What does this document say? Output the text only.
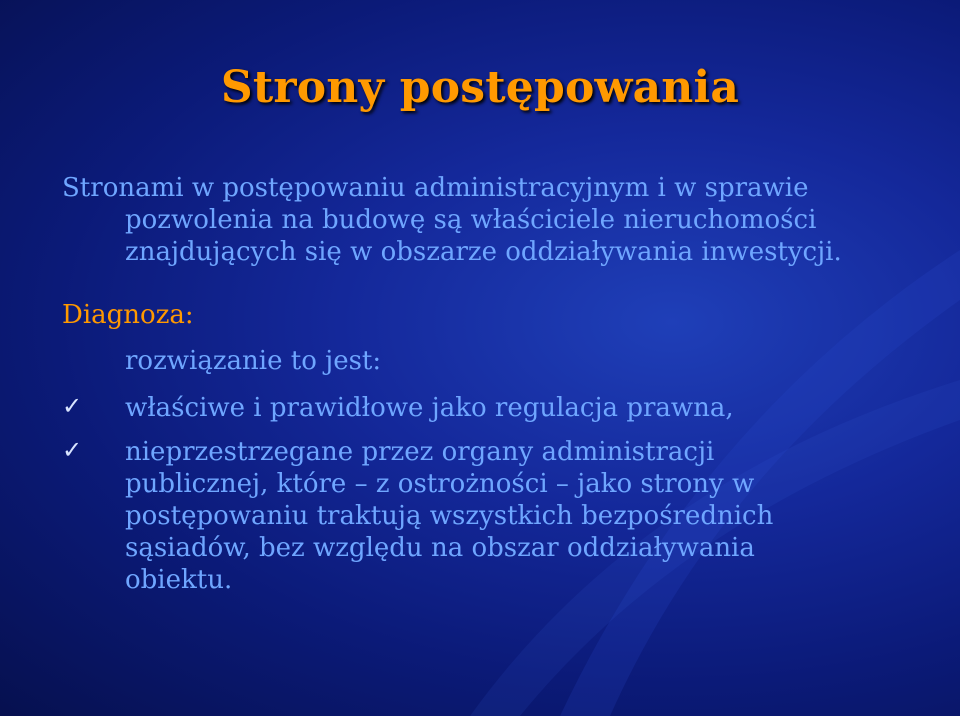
Strony postępowania
Stronami w postępowaniu administracyjnym i w sprawie
pozwolenia na budowę są właściciele nieruchomości
znajdujących się w obszarze oddziaływania inwestycji.
Diagnoza:
rozwiązanie to jest:
✓ właściwe i prawidłowe jako regulacja prawna,
✓ nieprzestrzegane przez organy administracji
publicznej, które – z ostrożności – jako strony w
postępowaniu traktują wszystkich bezpośrednich
sąsiadów, bez względu na obszar oddziaływania
obiektu.
